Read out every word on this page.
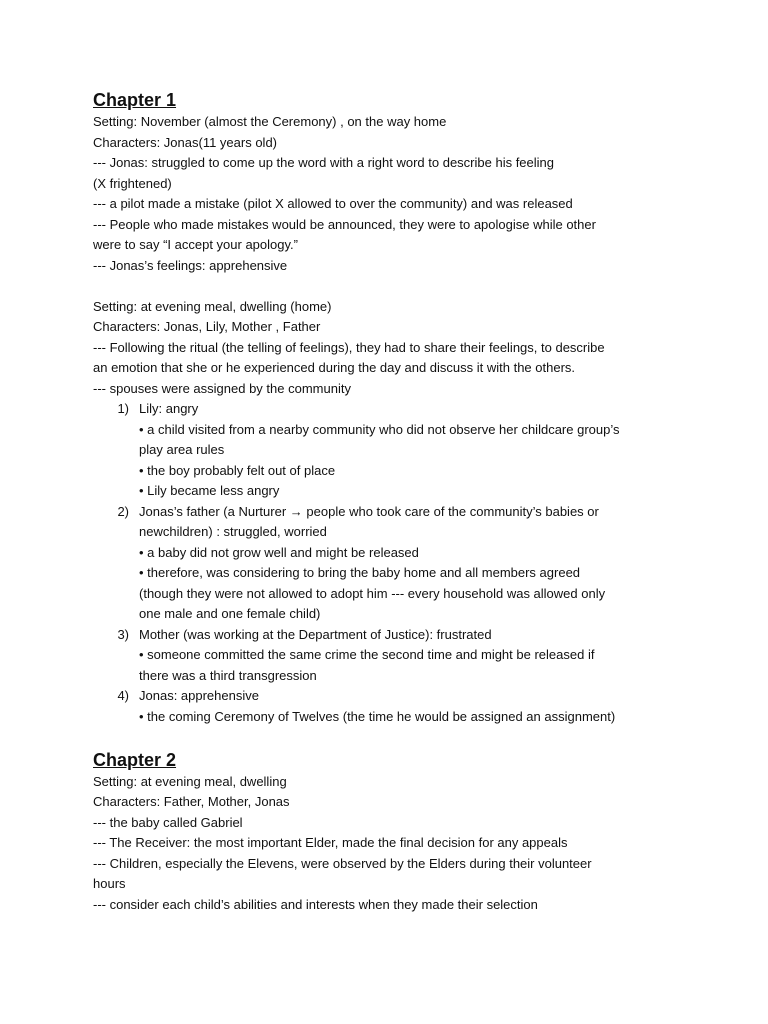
Chapter 1

Setting: November (almost the Ceremony) , on the way home

Characters: Jonas(11 years old)

--- Jonas: struggled to come up the word with a right word to describe his feeling

(X frightened)

--- a pilot made a mistake (pilot X allowed to over the community) and was released

--- People who made mistakes would be announced, they were to apologise while other

were to say “I accept your apology.”

--- Jonas’s feelings: apprehensive

Setting: at evening meal, dwelling (home)

Characters: Jonas, Lily, Mother , Father

--- Following the ritual (the telling of feelings), they had to share their feelings, to describe

an emotion that she or he experienced during the day and discuss it with the others.

--- spouses were assigned by the community

1) Lily: angry

• a child visited from a nearby community who did not observe her childcare group’s

play area rules

• the boy probably felt out of place

• Lily became less angry

2) Jonas’s father (a Nurturer → people who took care of the community’s babies or

newchildren) : struggled, worried

• a baby did not grow well and might be released

• therefore, was considering to bring the baby home and all members agreed

(though they were not allowed to adopt him --- every household was allowed only

one male and one female child)

3) Mother (was working at the Department of Justice): frustrated

• someone committed the same crime the second time and might be released if

there was a third transgression

4) Jonas: apprehensive

• the coming Ceremony of Twelves (the time he would be assigned an assignment)

Chapter 2

Setting: at evening meal, dwelling

Characters: Father, Mother, Jonas

--- the baby called Gabriel

--- The Receiver: the most important Elder, made the final decision for any appeals

--- Children, especially the Elevens, were observed by the Elders during their volunteer

hours

--- consider each child’s abilities and interests when they made their selection
